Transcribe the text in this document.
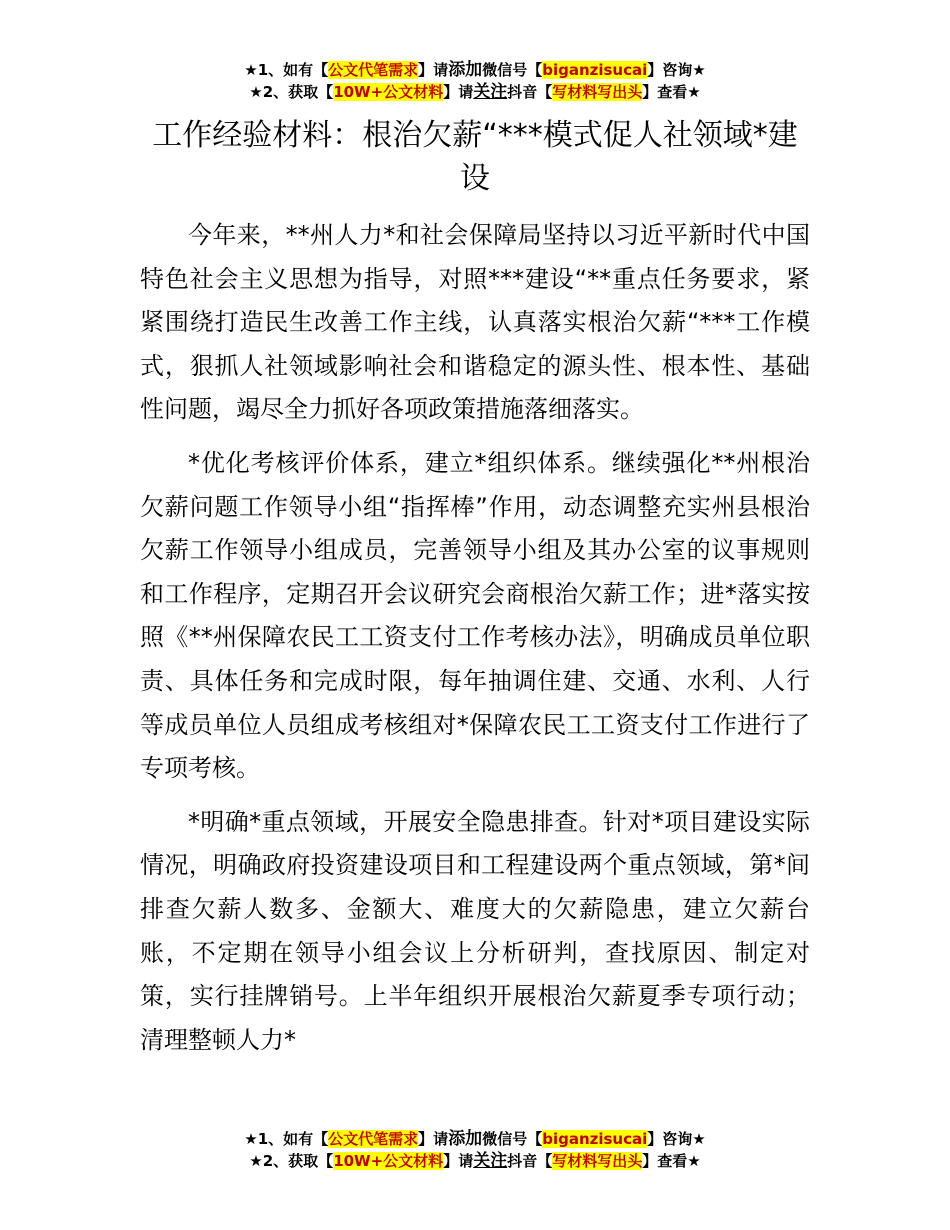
★1、如有【公文代笔需求】请添加微信号【biganzisucai】咨询★
★2、获取【10W+公文材料】请关注抖音【写材料写出头】查看★
工作经验材料：根治欠薪“***模式促人社领域*建设

今年来，**州人力*和社会保障局坚持以习近平新时代中国特色社会主义思想为指导，对照***建设“**重点任务要求，紧紧围绕打造民生改善工作主线，认真落实根治欠薪“***工作模式，狠抓人社领域影响社会和谐稳定的源头性、根本性、基础性问题，竭尽全力抓好各项政策措施落细落实。

*优化考核评价体系，建立*组织体系。继续强化**州根治欠薪问题工作领导小组“指挥棒”作用，动态调整充实州县根治欠薪工作领导小组成员，完善领导小组及其办公室的议事规则和工作程序，定期召开会议研究会商根治欠薪工作；进*落实按照《**州保障农民工工资支付工作考核办法》，明确成员单位职责、具体任务和完成时限，每年抽调住建、交通、水利、人行等成员单位人员组成考核组对*保障农民工工资支付工作进行了专项考核。

*明确*重点领域，开展安全隐患排查。针对*项目建设实际情况，明确政府投资建设项目和工程建设两个重点领域，第*间排查欠薪人数多、金额大、难度大的欠薪隐患，建立欠薪台账，不定期在领导小组会议上分析研判，查找原因、制定对策，实行挂牌销号。上半年组织开展根治欠薪夏季专项行动；清理整顿人力*

★1、如有【公文代笔需求】请添加微信号【biganzisucai】咨询★
★2、获取【10W+公文材料】请关注抖音【写材料写出头】查看★
